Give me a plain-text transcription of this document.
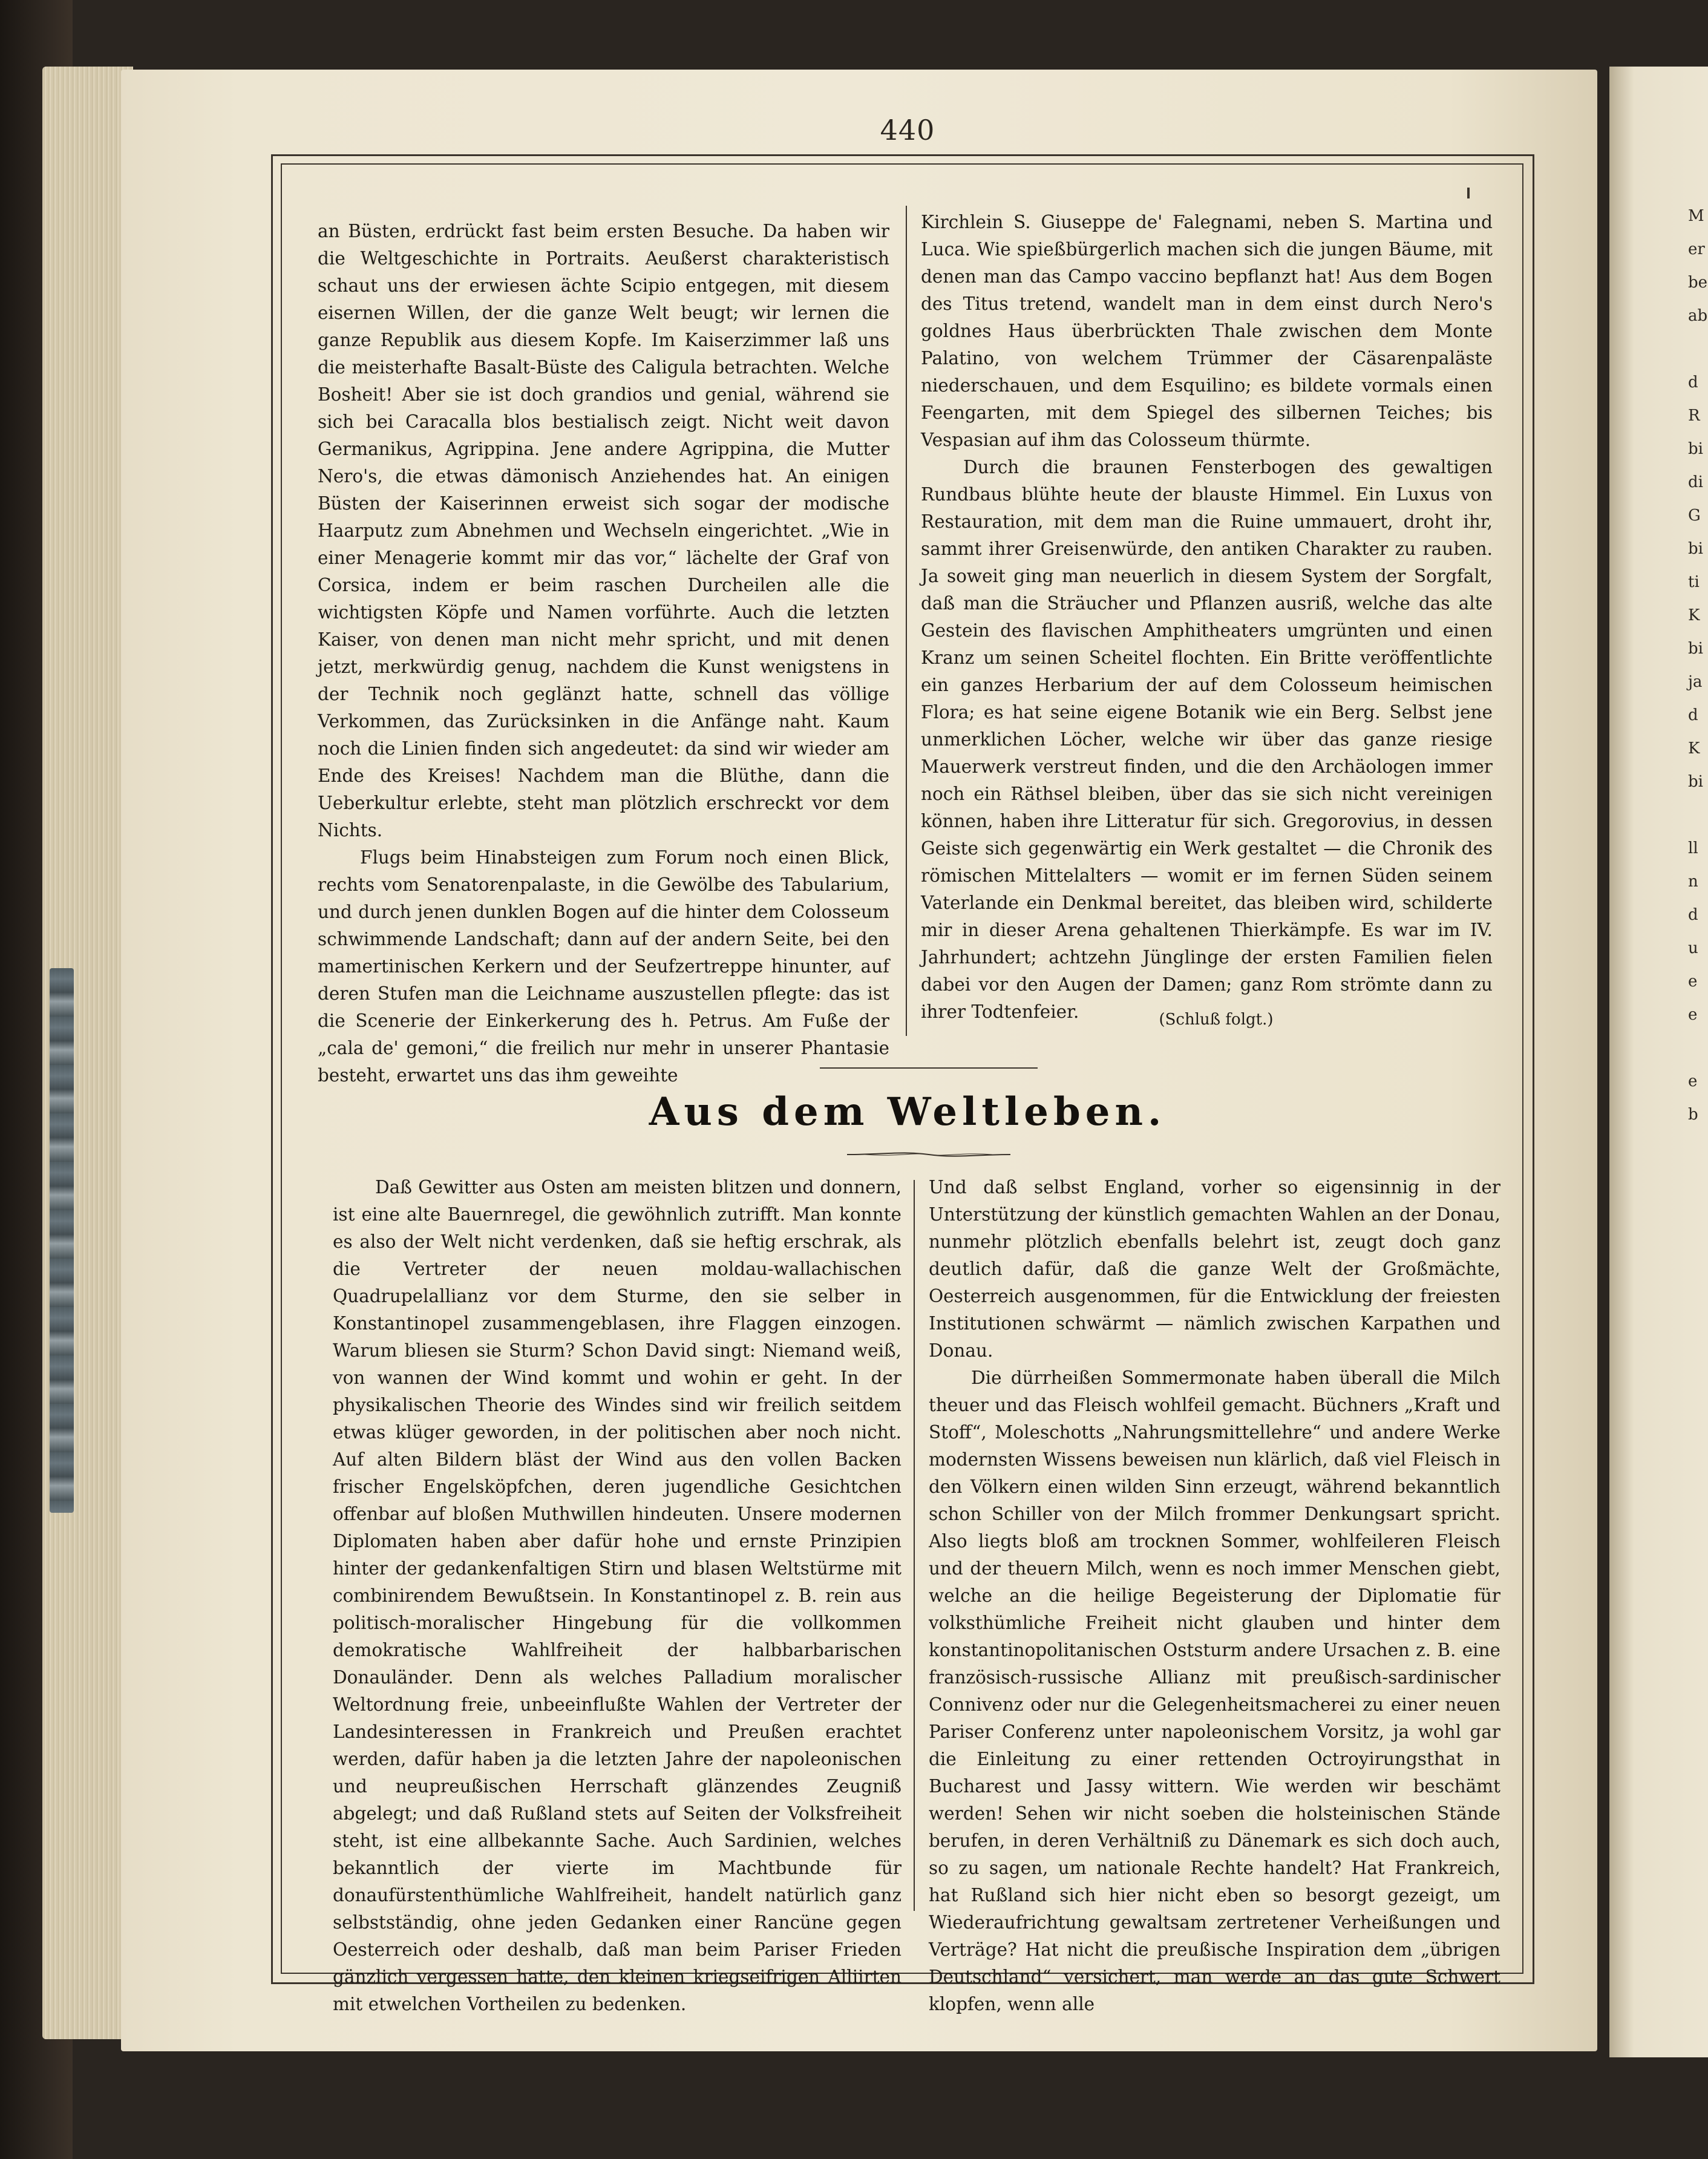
M
er
be
ab

d
R
bi
di
G
bi
ti
K
bi
ja
d
K
bi

ll
n
d
u
e
e

e
b
440

an Büsten, erdrückt fast beim ersten Besuche. Da haben wir die Weltgeschichte in Portraits. Aeußerst charakteristisch schaut uns der erwiesen ächte Scipio entgegen, mit diesem eisernen Willen, der die ganze Welt beugt; wir lernen die ganze Republik aus diesem Kopfe. Im Kaiserzimmer laß uns die meisterhafte Basalt-Büste des Caligula betrachten. Welche Bosheit! Aber sie ist doch grandios und genial, während sie sich bei Caracalla blos bestialisch zeigt. Nicht weit davon Germanikus, Agrippina. Jene andere Agrippina, die Mutter Nero's, die etwas dämonisch Anziehendes hat. An einigen Büsten der Kaiserinnen erweist sich sogar der modische Haarputz zum Abnehmen und Wechseln eingerichtet. „Wie in einer Menagerie kommt mir das vor,“ lächelte der Graf von Corsica, indem er beim raschen Durcheilen alle die wichtigsten Köpfe und Namen vorführte. Auch die letzten Kaiser, von denen man nicht mehr spricht, und mit denen jetzt, merkwürdig genug, nachdem die Kunst wenigstens in der Technik noch geglänzt hatte, schnell das völlige Verkommen, das Zurücksinken in die Anfänge naht. Kaum noch die Linien finden sich angedeutet: da sind wir wieder am Ende des Kreises! Nachdem man die Blüthe, dann die Ueberkultur erlebte, steht man plötzlich erschreckt vor dem Nichts.

Flugs beim Hinabsteigen zum Forum noch einen Blick, rechts vom Senatorenpalaste, in die Gewölbe des Tabularium, und durch jenen dunklen Bogen auf die hinter dem Colosseum schwimmende Landschaft; dann auf der andern Seite, bei den mamertinischen Kerkern und der Seufzertreppe hinunter, auf deren Stufen man die Leichname auszustellen pflegte: das ist die Scenerie der Einkerkerung des h. Petrus. Am Fuße der „cala de' gemoni,“ die freilich nur mehr in unserer Phantasie besteht, erwartet uns das ihm geweihte

Kirchlein S. Giuseppe de' Falegnami, neben S. Martina und Luca. Wie spießbürgerlich machen sich die jungen Bäume, mit denen man das Campo vaccino bepflanzt hat! Aus dem Bogen des Titus tretend, wandelt man in dem einst durch Nero's goldnes Haus überbrückten Thale zwischen dem Monte Palatino, von welchem Trümmer der Cäsarenpaläste niederschauen, und dem Esquilino; es bildete vormals einen Feengarten, mit dem Spiegel des silbernen Teiches; bis Vespasian auf ihm das Colosseum thürmte.

Durch die braunen Fensterbogen des gewaltigen Rundbaus blühte heute der blauste Himmel. Ein Luxus von Restauration, mit dem man die Ruine ummauert, droht ihr, sammt ihrer Greisenwürde, den antiken Charakter zu rauben. Ja soweit ging man neuerlich in diesem System der Sorgfalt, daß man die Sträucher und Pflanzen ausriß, welche das alte Gestein des flavischen Amphitheaters umgrünten und einen Kranz um seinen Scheitel flochten. Ein Britte veröffentlichte ein ganzes Herbarium der auf dem Colosseum heimischen Flora; es hat seine eigene Botanik wie ein Berg. Selbst jene unmerklichen Löcher, welche wir über das ganze riesige Mauerwerk verstreut finden, und die den Archäologen immer noch ein Räthsel bleiben, über das sie sich nicht vereinigen können, haben ihre Litteratur für sich. Gregorovius, in dessen Geiste sich gegenwärtig ein Werk gestaltet — die Chronik des römischen Mittelalters — womit er im fernen Süden seinem Vaterlande ein Denkmal bereitet, das bleiben wird, schilderte mir in dieser Arena gehaltenen Thierkämpfe. Es war im IV. Jahrhundert; achtzehn Jünglinge der ersten Familien fielen dabei vor den Augen der Damen; ganz Rom strömte dann zu ihrer Todtenfeier.	(Schluß folgt.)
Aus dem Weltleben.

Daß Gewitter aus Osten am meisten blitzen und donnern, ist eine alte Bauernregel, die gewöhnlich zutrifft. Man konnte es also der Welt nicht verdenken, daß sie heftig erschrak, als die Vertreter der neuen moldau-wallachischen Quadrupelallianz vor dem Sturme, den sie selber in Konstantinopel zusammengeblasen, ihre Flaggen einzogen. Warum bliesen sie Sturm? Schon David singt: Niemand weiß, von wannen der Wind kommt und wohin er geht. In der physikalischen Theorie des Windes sind wir freilich seitdem etwas klüger geworden, in der politischen aber noch nicht. Auf alten Bildern bläst der Wind aus den vollen Backen frischer Engelsköpfchen, deren jugendliche Gesichtchen offenbar auf bloßen Muthwillen hindeuten. Unsere modernen Diplomaten haben aber dafür hohe und ernste Prinzipien hinter der gedankenfaltigen Stirn und blasen Weltstürme mit combinirendem Bewußtsein. In Konstantinopel z. B. rein aus politisch-moralischer Hingebung für die vollkommen demokratische Wahlfreiheit der halbbarbarischen Donauländer. Denn als welches Palladium moralischer Weltordnung freie, unbeeinflußte Wahlen der Vertreter der Landesinteressen in Frankreich und Preußen erachtet werden, dafür haben ja die letzten Jahre der napoleonischen und neupreußischen Herrschaft glänzendes Zeugniß abgelegt; und daß Rußland stets auf Seiten der Volksfreiheit steht, ist eine allbekannte Sache. Auch Sardinien, welches bekanntlich der vierte im Machtbunde für donaufürstenthümliche Wahlfreiheit, handelt natürlich ganz selbstständig, ohne jeden Gedanken einer Rancüne gegen Oesterreich oder deshalb, daß man beim Pariser Frieden gänzlich vergessen hatte, den kleinen kriegseifrigen Alliirten mit etwelchen Vortheilen zu bedenken.

Und daß selbst England, vorher so eigensinnig in der Unterstützung der künstlich gemachten Wahlen an der Donau, nunmehr plötzlich ebenfalls belehrt ist, zeugt doch ganz deutlich dafür, daß die ganze Welt der Großmächte, Oesterreich ausgenommen, für die Entwicklung der freiesten Institutionen schwärmt — nämlich zwischen Karpathen und Donau.

Die dürrheißen Sommermonate haben überall die Milch theuer und das Fleisch wohlfeil gemacht. Büchners „Kraft und Stoff“, Moleschotts „Nahrungsmittellehre“ und andere Werke modernsten Wissens beweisen nun klärlich, daß viel Fleisch in den Völkern einen wilden Sinn erzeugt, während bekanntlich schon Schiller von der Milch frommer Denkungsart spricht. Also liegts bloß am trocknen Sommer, wohlfeileren Fleisch und der theuern Milch, wenn es noch immer Menschen giebt, welche an die heilige Begeisterung der Diplomatie für volksthümliche Freiheit nicht glauben und hinter dem konstantinopolitanischen Oststurm andere Ursachen z. B. eine französisch-russische Allianz mit preußisch-sardinischer Connivenz oder nur die Gelegenheitsmacherei zu einer neuen Pariser Conferenz unter napoleonischem Vorsitz, ja wohl gar die Einleitung zu einer rettenden Octroyirungsthat in Bucharest und Jassy wittern. Wie werden wir beschämt werden! Sehen wir nicht soeben die holsteinischen Stände berufen, in deren Verhältniß zu Dänemark es sich doch auch, so zu sagen, um nationale Rechte handelt? Hat Frankreich, hat Rußland sich hier nicht eben so besorgt gezeigt, um Wiederaufrichtung gewaltsam zertretener Verheißungen und Verträge? Hat nicht die preußische Inspiration dem „übrigen Deutschland“ versichert, man werde an das gute Schwert klopfen, wenn alle
